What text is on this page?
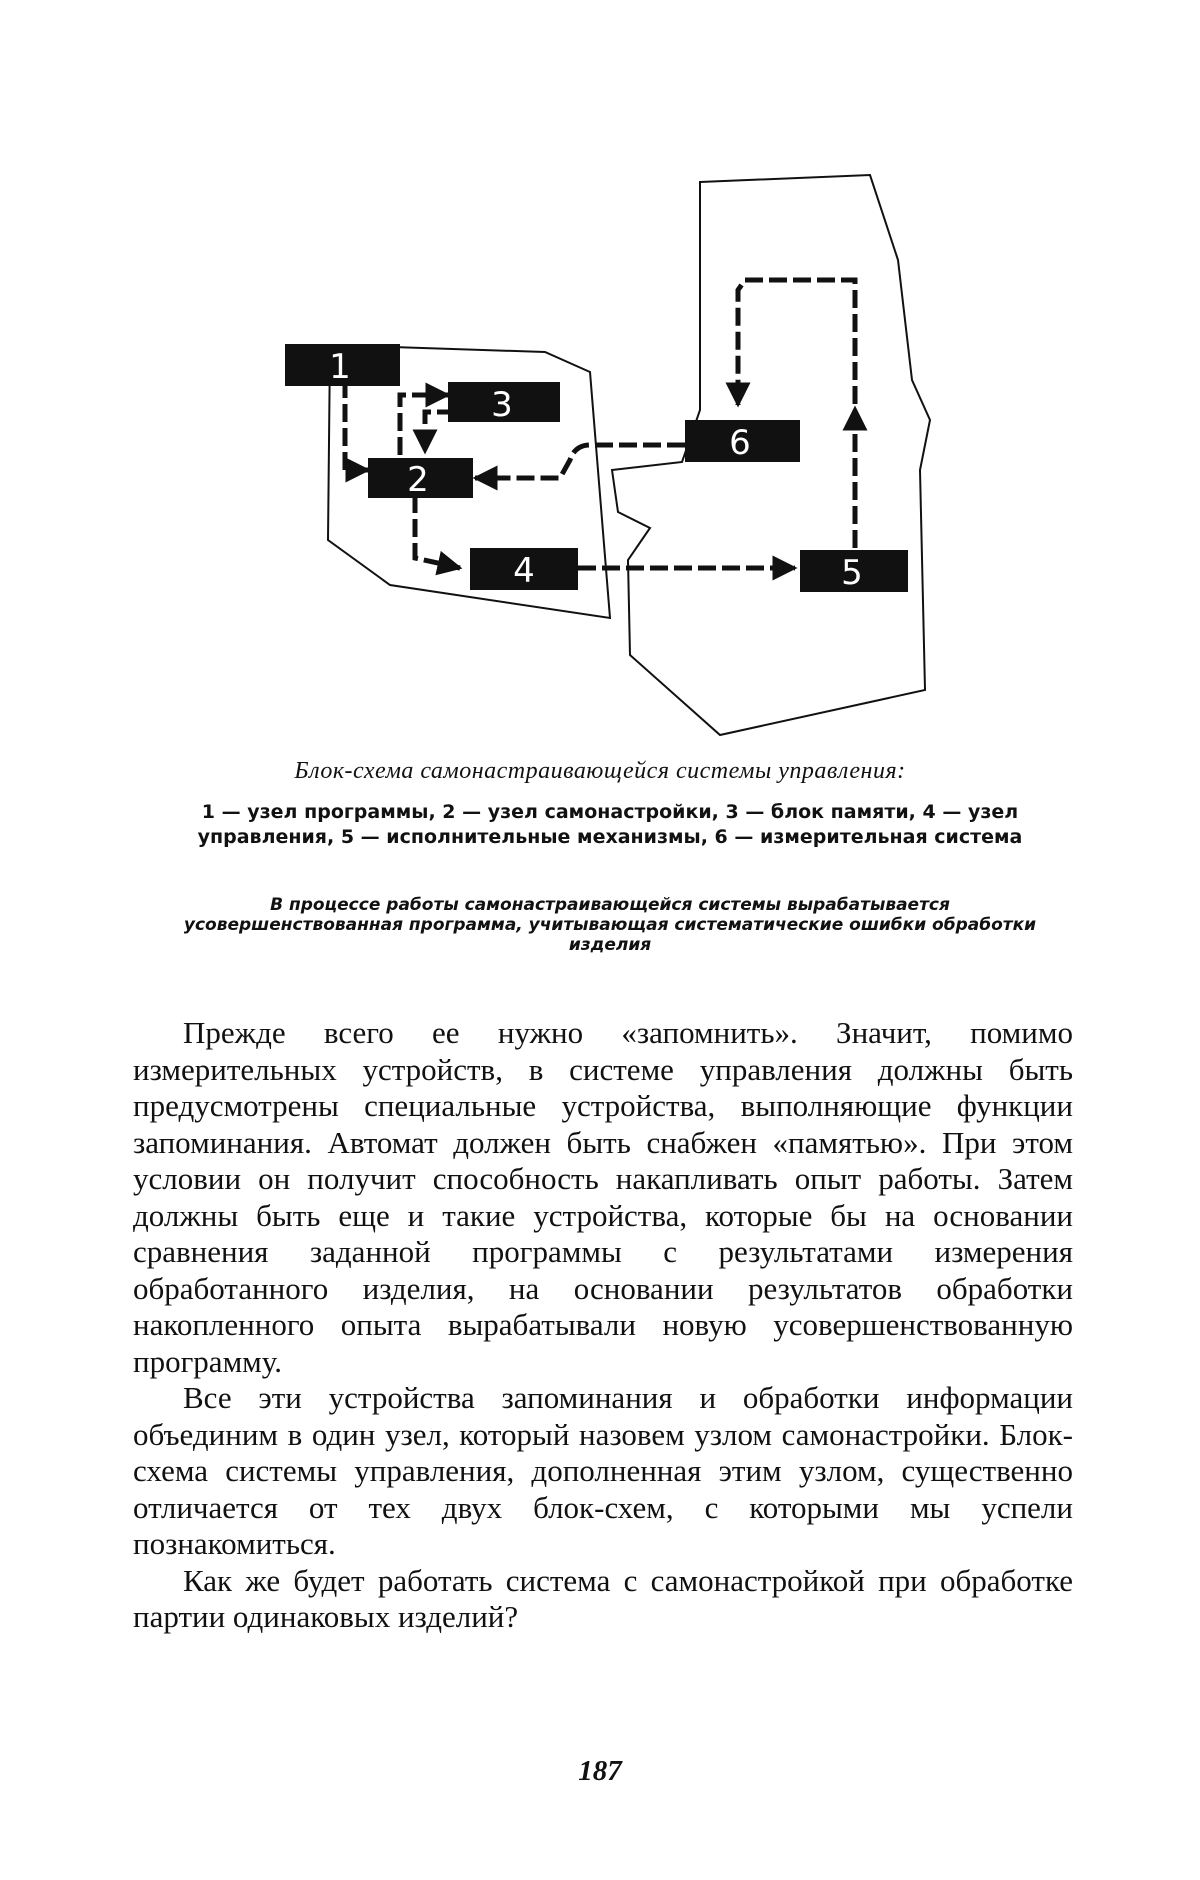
1
2
3
4	5
6
Блок-схема самонастраивающейся системы управления:
1 — узел программы, 2 — узел самонастройки, 3 — блок памяти, 4 — узел управления, 5 — исполнительные механизмы, 6 — измерительная система
В процессе работы самонастраивающейся системы вырабатывается усовершенствованная программа, учитывающая систематические ошибки обработки изделия

Прежде всего ее нужно «запомнить». Значит, помимо измерительных устройств, в системе управления должны быть предусмотрены специальные устройства, выполняющие функции запоминания. Автомат должен быть снабжен «памятью». При этом условии он получит способность накапливать опыт работы. Затем должны быть еще и такие устройства, которые бы на основании сравнения заданной программы с результатами измерения обработанного изделия, на основании результатов обработки накопленного опыта вырабатывали новую усовершенствованную программу.

Все эти устройства запоминания и обработки информации объединим в один узел, который назовем узлом самонастройки. Блок-схема системы управления, дополненная этим узлом, существенно отличается от тех двух блок-схем, с которыми мы успели познакомиться.

Как же будет работать система с самонастройкой при обработке партии одинаковых изделий?

187
